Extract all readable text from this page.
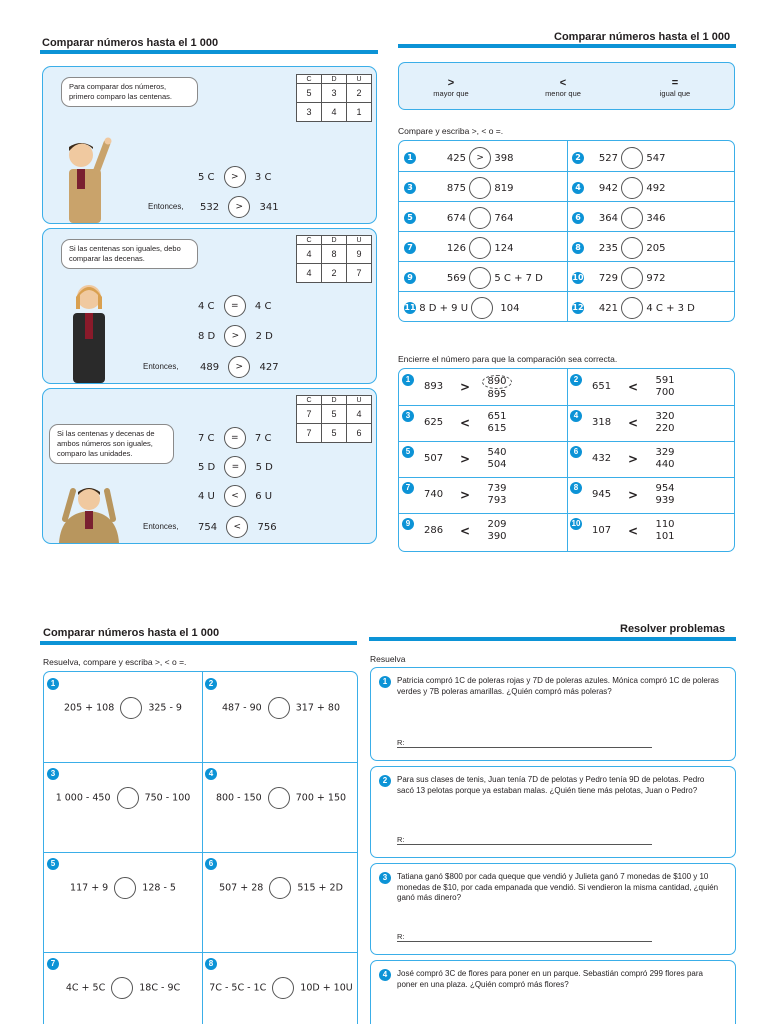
Comparar números hasta el 1 000
Para comparar dos números, primero comparo las centenas.
C	D	U
5	3	2
3	4	1
5 C > 3 C
Entonces, 532 > 341
Si las centenas son iguales, debo comparar las decenas.
C	D	U
4	8	9
4	2	7
4 C = 4 C
8 D > 2 D
Entonces, 489 > 427
Si las centenas y decenas de ambos números son iguales, comparo las unidades.
C	D	U
7	5	4
7	5	6
7 C = 7 C
5 D = 5 D
4 U < 6 U
Entonces, 754 < 756
Comparar números hasta el 1 000
>
mayor que
<
menor que
=
igual que
Compare y escriba >, < o =.
1	425 > 398	2 527	547
3	875	819	4 942	492
5	674	764	6 364	346
7	126	124	8 235	205
9	569	5 C + 7 D	10 729	972
11 8 D + 9 U	104	12 421	4 C + 3 D
Encierre el número para que la comparación sea correcta.
1
893 >	890
895
2
651 <	591
700
3
625 <	651
615
4
318 <	320
220
5
507 >	540
504
6
432 >	329
440
7
740 >	739
793
8
945 >	954
939
9
286 <	209
390
10
107 <	110
101
Comparar números hasta el 1 000
Resuelva, compare y escriba >, < o =.
1
205 + 108	325 - 9
2
487 - 90	317 + 80
3
1 000 - 450	750 - 100
4
800 - 150	700 + 150
5
117 + 9	128 - 5
6
507 + 28	515 + 2D
7
4C + 5C	18C - 9C
8
7C - 5C - 1C	10D + 10U
Resolver problemas
Resuelva
1	Patricia compró 1C de poleras rojas y 7D de poleras azules. Mónica compró 1C de poleras verdes y 7B poleras amarillas. ¿Quién compró más poleras?
R:
2	Para sus clases de tenis, Juan tenía 7D de pelotas y Pedro tenía 9D de pelotas. Pedro sacó 13 pelotas porque ya estaban malas. ¿Quién tiene más pelotas, Juan o Pedro?
R:
3	Tatiana ganó $800 por cada queque que vendió y Julieta ganó 7 monedas de $100 y 10 monedas de $10, por cada empanada que vendió. Si vendieron la misma cantidad, ¿quién ganó más dinero?
R:
4	José compró 3C de flores para poner en un parque. Sebastián compró 299 flores para poner en una plaza. ¿Quién compró más flores?
